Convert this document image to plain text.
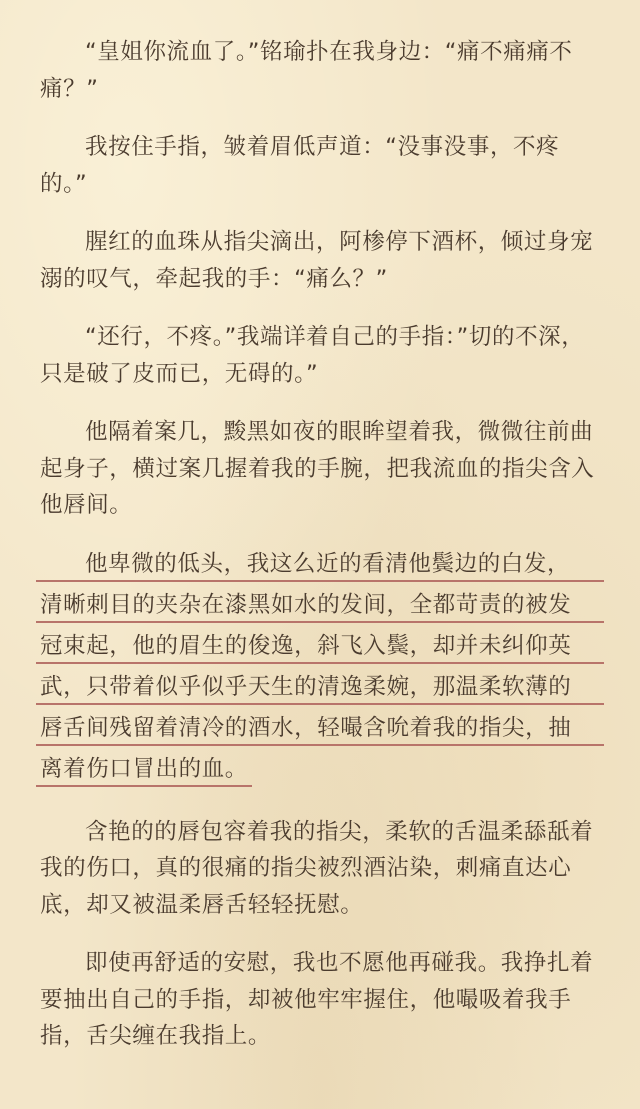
“皇姐你流血了。”铭瑜扑在我身边：“痛不痛痛不痛？”

我按住手指，皱着眉低声道：“没事没事，不疼的。”

腥红的血珠从指尖滴出，阿椮停下酒杯，倾过身宠溺的叹气，牵起我的手：“痛么？”

“还行，不疼。”我端详着自己的手指：”切的不深，只是破了皮而已，无碍的。”

他隔着案几，黢黑如夜的眼眸望着我，微微往前曲起身子，横过案几握着我的手腕，把我流血的指尖含入他唇间。

他卑微的低头，我这么近的看清他鬓边的白发，
清晰刺目的夹杂在漆黑如水的发间，全都苛责的被发
冠束起，他的眉生的俊逸，斜飞入鬓，却并未纠仰英
武，只带着似乎似乎天生的清逸柔婉，那温柔软薄的
唇舌间残留着清冷的酒水，轻嘬含吮着我的指尖，抽
离着伤口冒出的血。

含艳的的唇包容着我的指尖，柔软的舌温柔舔舐着我的伤口，真的很痛的指尖被烈酒沾染，刺痛直达心底，却又被温柔唇舌轻轻抚慰。

即使再舒适的安慰，我也不愿他再碰我。我挣扎着要抽出自己的手指，却被他牢牢握住，他嘬吸着我手指，舌尖缠在我指上。
